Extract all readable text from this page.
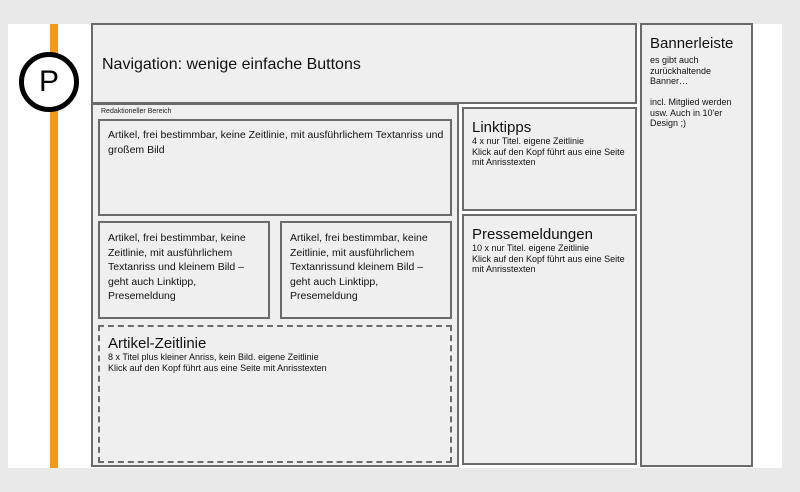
P
Navigation: wenige einfache Buttons
Redaktioneller Bereich
Artikel, frei bestimmbar, keine Zeitlinie, mit ausführlichem Textanriss und großem Bild
Artikel, frei bestimmbar, keine Zeitlinie, mit ausführlichem Textanriss und kleinem Bild – geht auch Linktipp, Presemeldung
Artikel, frei bestimmbar, keine Zeitlinie, mit ausführlichem Textanrissund kleinem Bild – geht auch Linktipp, Presemeldung
Artikel-Zeitlinie
8 x Titel plus kleiner Anriss, kein Bild. eigene Zeitlinie
Klick auf den Kopf führt aus eine Seite mit Anrisstexten
Linktipps
4 x nur Titel. eigene Zeitlinie
Klick auf den Kopf führt aus eine Seite mit Anrisstexten
Pressemeldungen
10 x nur Titel. eigene Zeitlinie
Klick auf den Kopf führt aus eine Seite mit Anrisstexten
Bannerleiste

es gibt auch zurückhaltende Banner…

incl. Mitglied werden usw. Auch in 10'er Design ;)
